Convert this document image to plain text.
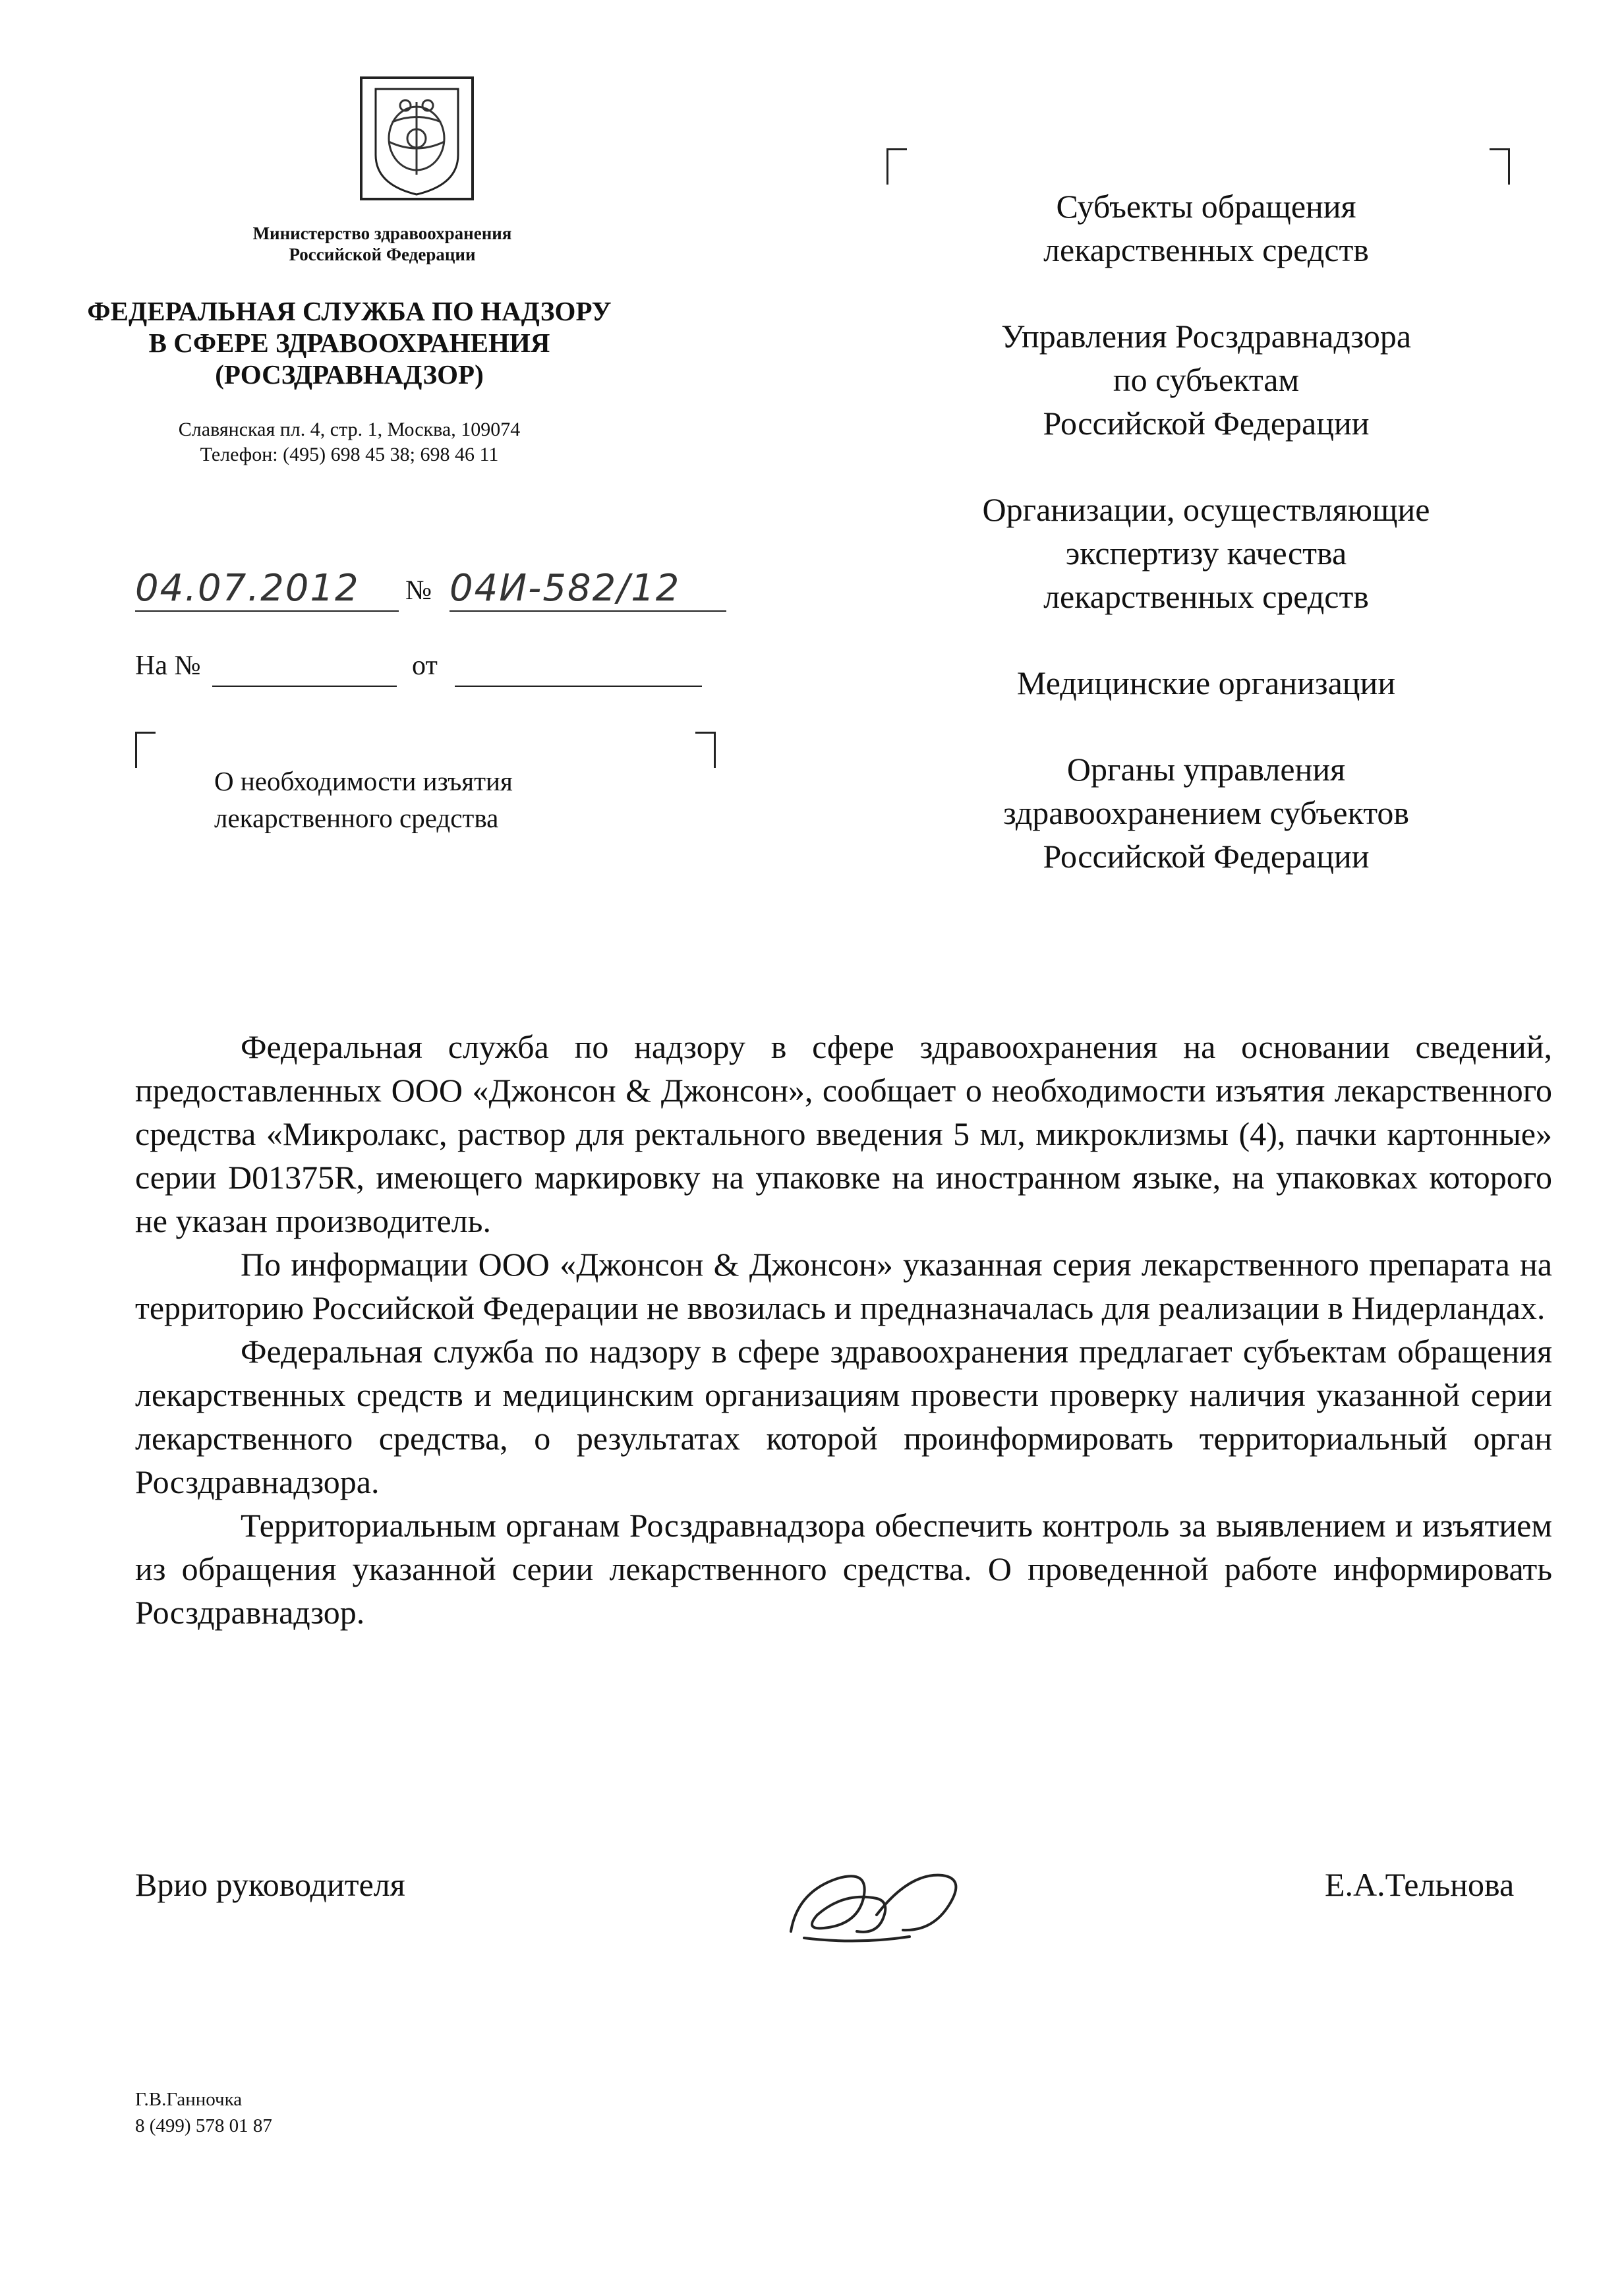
Министерство здравоохранения
Российской Федерации
ФЕДЕРАЛЬНАЯ СЛУЖБА ПО НАДЗОРУ
В СФЕРЕ ЗДРАВООХРАНЕНИЯ
(РОСЗДРАВНАДЗОР)
Славянская пл. 4, стр. 1, Москва, 109074
Телефон: (495) 698 45 38; 698 46 11
04.07.2012	№ 04И-582/12
На №	от
О необходимости изъятия
лекарственного средства
Субъекты обращения
лекарственных средств
Управления Росздравнадзора
по субъектам
Российской Федерации
Организации, осуществляющие
экспертизу качества
лекарственных средств
Медицинские организации
Органы управления
здравоохранением субъектов
Российской Федерации

Федеральная служба по надзору в сфере здравоохранения на основании сведений, предоставленных ООО «Джонсон & Джонсон», сообщает о необходимости изъятия лекарственного средства «Микролакс, раствор для ректального введения 5 мл, микроклизмы (4), пачки картонные» серии D01375R, имеющего маркировку на упаковке на иностранном языке, на упаковках которого не указан производитель.

По информации ООО «Джонсон & Джонсон» указанная серия лекарственного препарата на территорию Российской Федерации не ввозилась и предназначалась для реализации в Нидерландах.

Федеральная служба по надзору в сфере здравоохранения предлагает субъектам обращения лекарственных средств и медицинским организациям провести проверку наличия указанной серии лекарственного средства, о результатах которой проинформировать территориальный орган Росздравнадзора.

Территориальным органам Росздравнадзора обеспечить контроль за выявлением и изъятием из обращения указанной серии лекарственного средства. О проведенной работе информировать Росздравнадзор.

Врио руководителя	Е.А.Тельнова
Г.В.Ганночка
8 (499) 578 01 87
